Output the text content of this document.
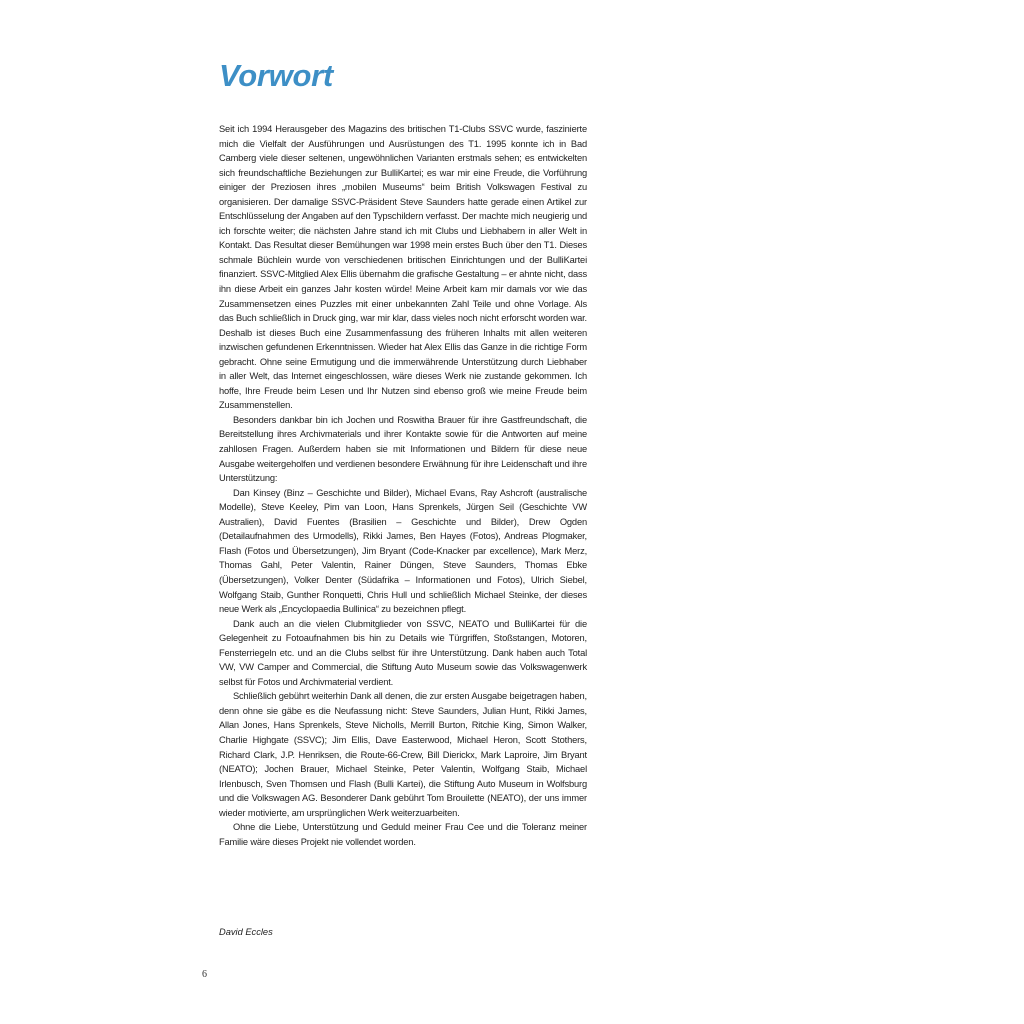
Vorwort

Seit ich 1994 Herausgeber des Magazins des britischen T1-Clubs SSVC wurde, faszinierte mich die Vielfalt der Ausführungen und Ausrüstungen des T1. 1995 konnte ich in Bad Camberg viele dieser seltenen, ungewöhnlichen Varianten erstmals sehen; es entwickelten sich freundschaftliche Beziehungen zur BulliKartei; es war mir eine Freude, die Vorführung einiger der Preziosen ihres „mobilen Museums“ beim British Volkswagen Festival zu organisieren. Der damalige SSVC-Präsident Steve Saunders hatte gerade einen Artikel zur Entschlüsselung der Angaben auf den Typschildern verfasst. Der machte mich neugierig und ich forschte weiter; die nächsten Jahre stand ich mit Clubs und Liebhabern in aller Welt in Kontakt. Das Resultat dieser Bemühungen war 1998 mein erstes Buch über den T1. Dieses schmale Büchlein wurde von verschiedenen britischen Einrichtungen und der BulliKartei finanziert. SSVC-Mitglied Alex Ellis übernahm die grafische Gestaltung – er ahnte nicht, dass ihn diese Arbeit ein ganzes Jahr kosten würde! Meine Arbeit kam mir damals vor wie das Zusammensetzen eines Puzzles mit einer unbekannten Zahl Teile und ohne Vorlage. Als das Buch schließlich in Druck ging, war mir klar, dass vieles noch nicht erforscht worden war. Deshalb ist dieses Buch eine Zusammenfassung des früheren Inhalts mit allen weiteren inzwischen gefundenen Erkenntnissen. Wieder hat Alex Ellis das Ganze in die richtige Form gebracht. Ohne seine Ermutigung und die immerwährende Unterstützung durch Liebhaber in aller Welt, das Internet eingeschlossen, wäre dieses Werk nie zustande gekommen. Ich hoffe, Ihre Freude beim Lesen und Ihr Nutzen sind ebenso groß wie meine Freude beim Zusammenstellen.

Besonders dankbar bin ich Jochen und Roswitha Brauer für ihre Gastfreundschaft, die Bereitstellung ihres Archivmaterials und ihrer Kontakte sowie für die Antworten auf meine zahllosen Fragen. Außerdem haben sie mit Informationen und Bildern für diese neue Ausgabe weitergeholfen und verdienen besondere Erwähnung für ihre Leidenschaft und ihre Unterstützung:

Dan Kinsey (Binz – Geschichte und Bilder), Michael Evans, Ray Ashcroft (australische Modelle), Steve Keeley, Pim van Loon, Hans Sprenkels, Jürgen Seil (Geschichte VW Australien), David Fuentes (Brasilien – Geschichte und Bilder), Drew Ogden (Detailaufnahmen des Urmodells), Rikki James, Ben Hayes (Fotos), Andreas Plogmaker, Flash (Fotos und Übersetzungen), Jim Bryant (Code-Knacker par excellence), Mark Merz, Thomas Gahl, Peter Valentin, Rainer Düngen, Steve Saunders, Thomas Ebke (Übersetzungen), Volker Denter (Südafrika – Informationen und Fotos), Ulrich Siebel, Wolfgang Staib, Gunther Ronquetti, Chris Hull und schließlich Michael Steinke, der dieses neue Werk als „Encyclopaedia Bullinica“ zu bezeichnen pflegt.

Dank auch an die vielen Clubmitglieder von SSVC, NEATO und BulliKartei für die Gelegenheit zu Fotoaufnahmen bis hin zu Details wie Türgriffen, Stoßstangen, Motoren, Fensterriegeln etc. und an die Clubs selbst für ihre Unterstützung. Dank haben auch Total VW, VW Camper and Commercial, die Stiftung Auto Museum sowie das Volkswagenwerk selbst für Fotos und Archivmaterial verdient.

Schließlich gebührt weiterhin Dank all denen, die zur ersten Ausgabe beigetragen haben, denn ohne sie gäbe es die Neufassung nicht: Steve Saunders, Julian Hunt, Rikki James, Allan Jones, Hans Sprenkels, Steve Nicholls, Merrill Burton, Ritchie King, Simon Walker, Charlie Highgate (SSVC); Jim Ellis, Dave Easterwood, Michael Heron, Scott Stothers, Richard Clark, J.P. Henriksen, die Route-66-Crew, Bill Dierickx, Mark Laproire, Jim Bryant (NEATO); Jochen Brauer, Michael Steinke, Peter Valentin, Wolfgang Staib, Michael Irlenbusch, Sven Thomsen und Flash (Bulli Kartei), die Stiftung Auto Museum in Wolfsburg und die Volkswagen AG. Besonderer Dank gebührt Tom Brouilette (NEATO), der uns immer wieder motivierte, am ursprünglichen Werk weiterzuarbeiten.

Ohne die Liebe, Unterstützung und Geduld meiner Frau Cee und die Toleranz meiner Familie wäre dieses Projekt nie vollendet worden.

David Eccles

6
